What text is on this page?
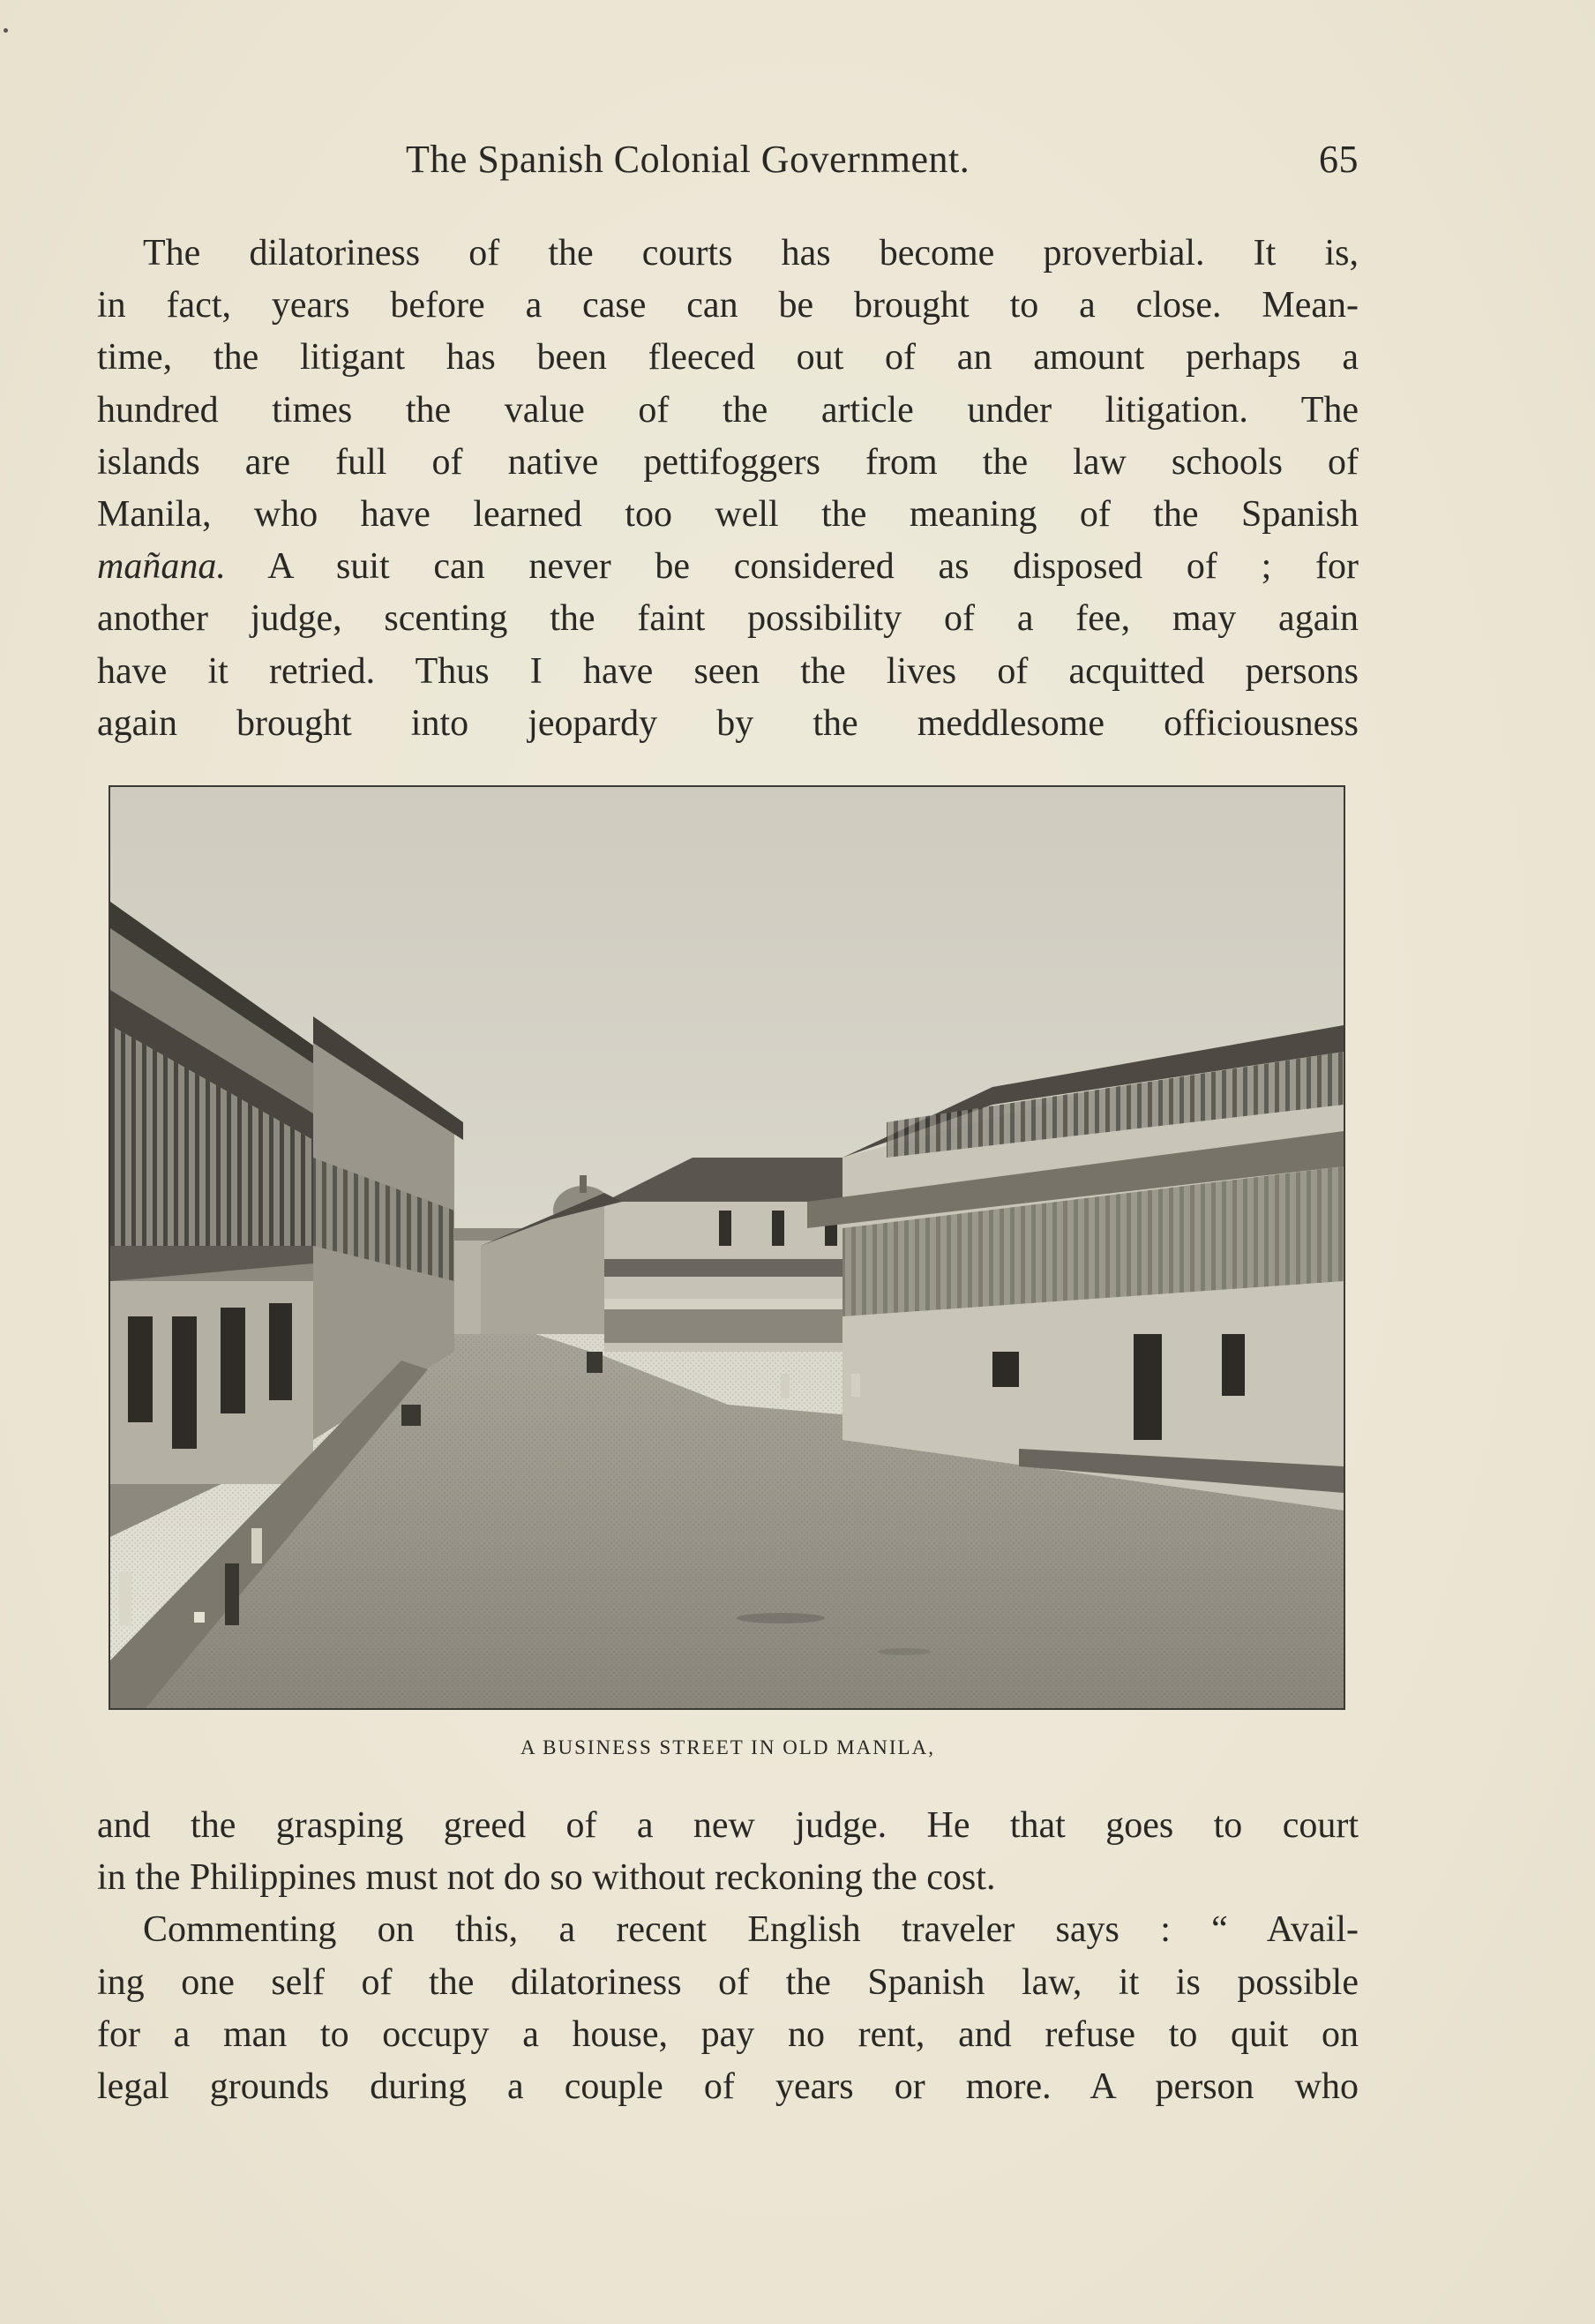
The Spanish Colonial Government.	65
The dilatoriness of the courts has become proverbial. It is,
in fact, years before a case can be brought to a close. Mean-
time, the litigant has been fleeced out of an amount perhaps a
hundred times the value of the article under litigation. The
islands are full of native pettifoggers from the law schools of
Manila, who have learned too well the meaning of the Spanish
mañana. A suit can never be considered as disposed of ; for
another judge, scenting the faint possibility of a fee, may again
have it retried. Thus I have seen the lives of acquitted persons
again brought into jeopardy by the meddlesome officiousness
A BUSINESS STREET IN OLD MANILA,
and the grasping greed of a new judge. He that goes to court
in the Philippines must not do so without reckoning the cost.
Commenting on this, a recent English traveler says : “ Avail-
ing one self of the dilatoriness of the Spanish law, it is possible
for a man to occupy a house, pay no rent, and refuse to quit on
legal grounds during a couple of years or more. A person who
